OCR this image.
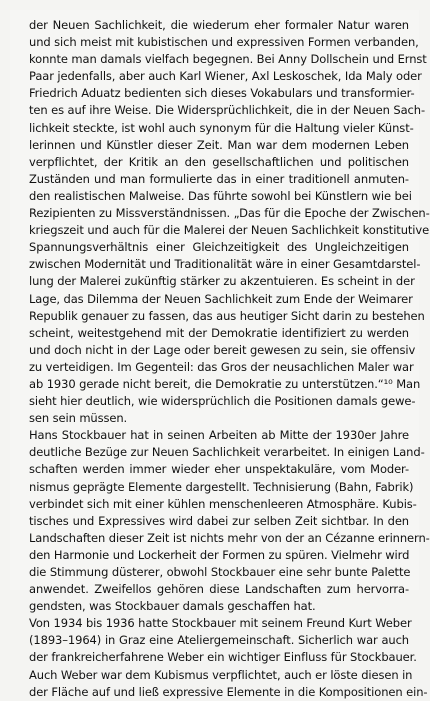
der Neuen Sachlichkeit, die wiederum eher formaler Natur waren
und sich meist mit kubistischen und expressiven Formen verbanden,
konnte man damals vielfach begegnen. Bei Anny Dollschein und Ernst
Paar jedenfalls, aber auch Karl Wiener, Axl Leskoschek, Ida Maly oder
Friedrich Aduatz bedienten sich dieses Vokabulars und transformier-
ten es auf ihre Weise. Die Widersprüchlichkeit, die in der Neuen Sach-
lichkeit steckte, ist wohl auch synonym für die Haltung vieler Künst-
lerinnen und Künstler dieser Zeit. Man war dem modernen Leben
verpflichtet, der Kritik an den gesellschaftlichen und politischen
Zuständen und man formulierte das in einer traditionell anmuten-
den realistischen Malweise. Das führte sowohl bei Künstlern wie bei
Rezipienten zu Missverständnissen. „Das für die Epoche der Zwischen-
kriegszeit und auch für die Malerei der Neuen Sachlichkeit konstitutive
Spannungsverhältnis einer Gleichzeitigkeit des Ungleichzeitigen
zwischen Modernität und Traditionalität wäre in einer Gesamtdarstel-
lung der Malerei zukünftig stärker zu akzentuieren. Es scheint in der
Lage, das Dilemma der Neuen Sachlichkeit zum Ende der Weimarer
Republik genauer zu fassen, das aus heutiger Sicht darin zu bestehen
scheint, weitestgehend mit der Demokratie identifiziert zu werden
und doch nicht in der Lage oder bereit gewesen zu sein, sie offensiv
zu verteidigen. Im Gegenteil: das Gros der neusachlichen Maler war
ab 1930 gerade nicht bereit, die Demokratie zu unterstützen.“¹⁰ Man
sieht hier deutlich, wie widersprüchlich die Positionen damals gewe-
sen sein müssen.
Hans Stockbauer hat in seinen Arbeiten ab Mitte der 1930er Jahre
deutliche Bezüge zur Neuen Sachlichkeit verarbeitet. In einigen Land-
schaften werden immer wieder eher unspektakuläre, vom Moder-
nismus geprägte Elemente dargestellt. Technisierung (Bahn, Fabrik)
verbindet sich mit einer kühlen menschenleeren Atmosphäre. Kubis-
tisches und Expressives wird dabei zur selben Zeit sichtbar. In den
Landschaften dieser Zeit ist nichts mehr von der an Cézanne erinnern-
den Harmonie und Lockerheit der Formen zu spüren. Vielmehr wird
die Stimmung düsterer, obwohl Stockbauer eine sehr bunte Palette
anwendet. Zweifellos gehören diese Landschaften zum hervorra-
gendsten, was Stockbauer damals geschaffen hat.
Von 1934 bis 1936 hatte Stockbauer mit seinem Freund Kurt Weber
(1893–1964) in Graz eine Ateliergemeinschaft. Sicherlich war auch
der frankreicherfahrene Weber ein wichtiger Einfluss für Stockbauer.
Auch Weber war dem Kubismus verpflichtet, auch er löste diesen in
der Fläche auf und ließ expressive Elemente in die Kompositionen ein-
